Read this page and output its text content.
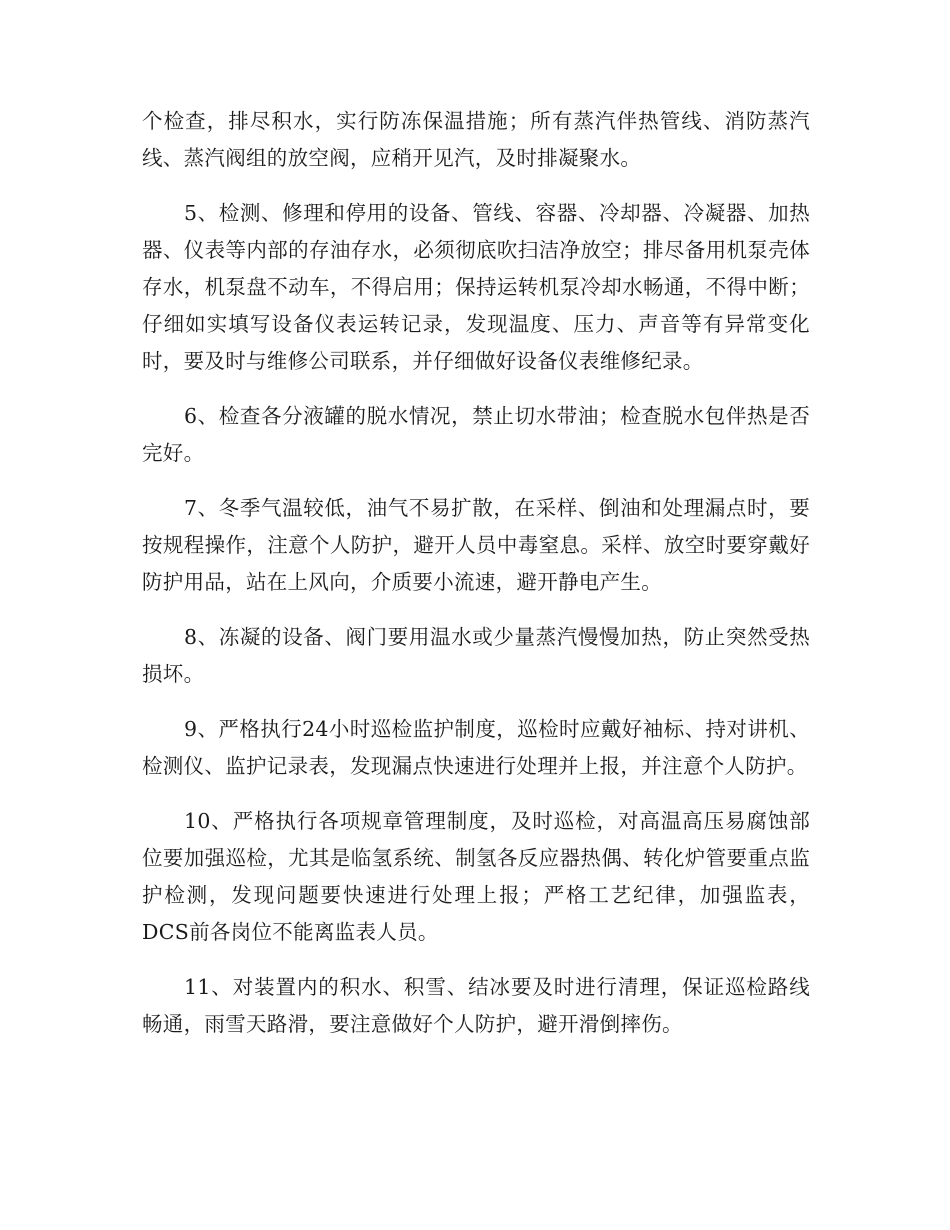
个检查，排尽积水，实行防冻保温措施；所有蒸汽伴热管线、消防蒸汽线、蒸汽阀组的放空阀，应稍开见汽，及时排凝聚水。

5、检测、修理和停用的设备、管线、容器、冷却器、冷凝器、加热器、仪表等内部的存油存水，必须彻底吹扫洁净放空；排尽备用机泵壳体存水，机泵盘不动车，不得启用；保持运转机泵冷却水畅通，不得中断；仔细如实填写设备仪表运转记录，发现温度、压力、声音等有异常变化时，要及时与维修公司联系，并仔细做好设备仪表维修纪录。

6、检查各分液罐的脱水情况，禁止切水带油；检查脱水包伴热是否完好。

7、冬季气温较低，油气不易扩散，在采样、倒油和处理漏点时，要按规程操作，注意个人防护，避开人员中毒窒息。采样、放空时要穿戴好防护用品，站在上风向，介质要小流速，避开静电产生。

8、冻凝的设备、阀门要用温水或少量蒸汽慢慢加热，防止突然受热损坏。

9、严格执行24小时巡检监护制度，巡检时应戴好袖标、持对讲机、检测仪、监护记录表，发现漏点快速进行处理并上报，并注意个人防护。

10、严格执行各项规章管理制度，及时巡检，对高温高压易腐蚀部位要加强巡检，尤其是临氢系统、制氢各反应器热偶、转化炉管要重点监护检测，发现问题要快速进行处理上报；严格工艺纪律，加强监表，DCS前各岗位不能离监表人员。

11、对装置内的积水、积雪、结冰要及时进行清理，保证巡检路线畅通，雨雪天路滑，要注意做好个人防护，避开滑倒摔伤。
